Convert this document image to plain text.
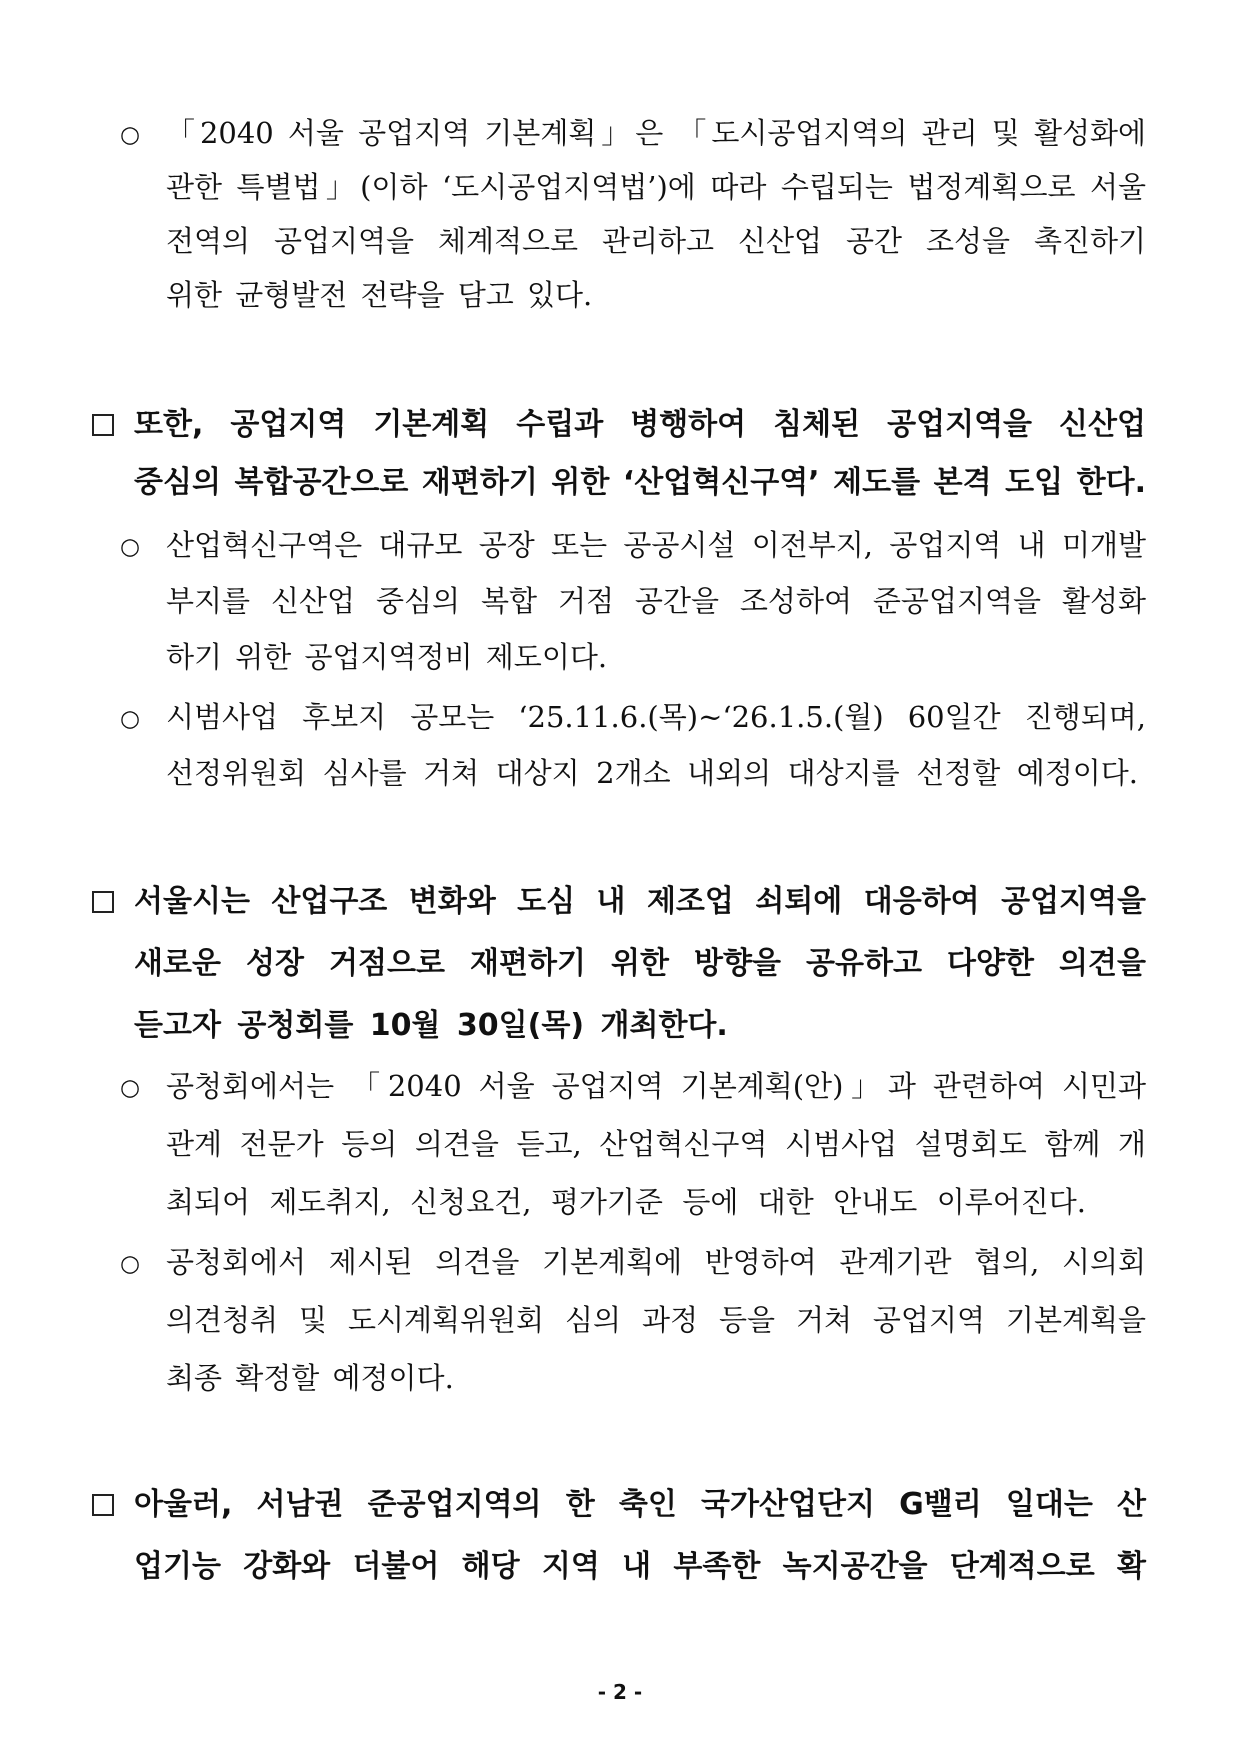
○ 「2040 서울 공업지역 기본계획」은 「도시공업지역의 관리 및 활성화에
관한 특별법」(이하 ‘도시공업지역법’)에 따라 수립되는 법정계획으로 서울
전역의 공업지역을 체계적으로 관리하고 신산업 공간 조성을 촉진하기
위한 균형발전 전략을 담고 있다.
또한, 공업지역 기본계획 수립과 병행하여 침체된 공업지역을 신산업
중심의 복합공간으로 재편하기 위한 ‘산업혁신구역’ 제도를 본격 도입 한다.
○ 산업혁신구역은 대규모 공장 또는 공공시설 이전부지, 공업지역 내 미개발
부지를 신산업 중심의 복합 거점 공간을 조성하여 준공업지역을 활성화
하기 위한 공업지역정비 제도이다.
○ 시범사업 후보지 공모는 ‘25.11.6.(목)~‘26.1.5.(월) 60일간 진행되며,
선정위원회 심사를 거쳐 대상지 2개소 내외의 대상지를 선정할 예정이다.
서울시는 산업구조 변화와 도심 내 제조업 쇠퇴에 대응하여 공업지역을
새로운 성장 거점으로 재편하기 위한 방향을 공유하고 다양한 의견을
듣고자 공청회를 10월 30일(목) 개최한다.
○ 공청회에서는 「2040 서울 공업지역 기본계획(안)」과 관련하여 시민과
관계 전문가 등의 의견을 듣고, 산업혁신구역 시범사업 설명회도 함께 개
최되어 제도취지, 신청요건, 평가기준 등에 대한 안내도 이루어진다.
○ 공청회에서 제시된 의견을 기본계획에 반영하여 관계기관 협의, 시의회
의견청취 및 도시계획위원회 심의 과정 등을 거쳐 공업지역 기본계획을
최종 확정할 예정이다.
아울러, 서남권 준공업지역의 한 축인 국가산업단지 G밸리 일대는 산
업기능 강화와 더불어 해당 지역 내 부족한 녹지공간을 단계적으로 확
- 2 -
